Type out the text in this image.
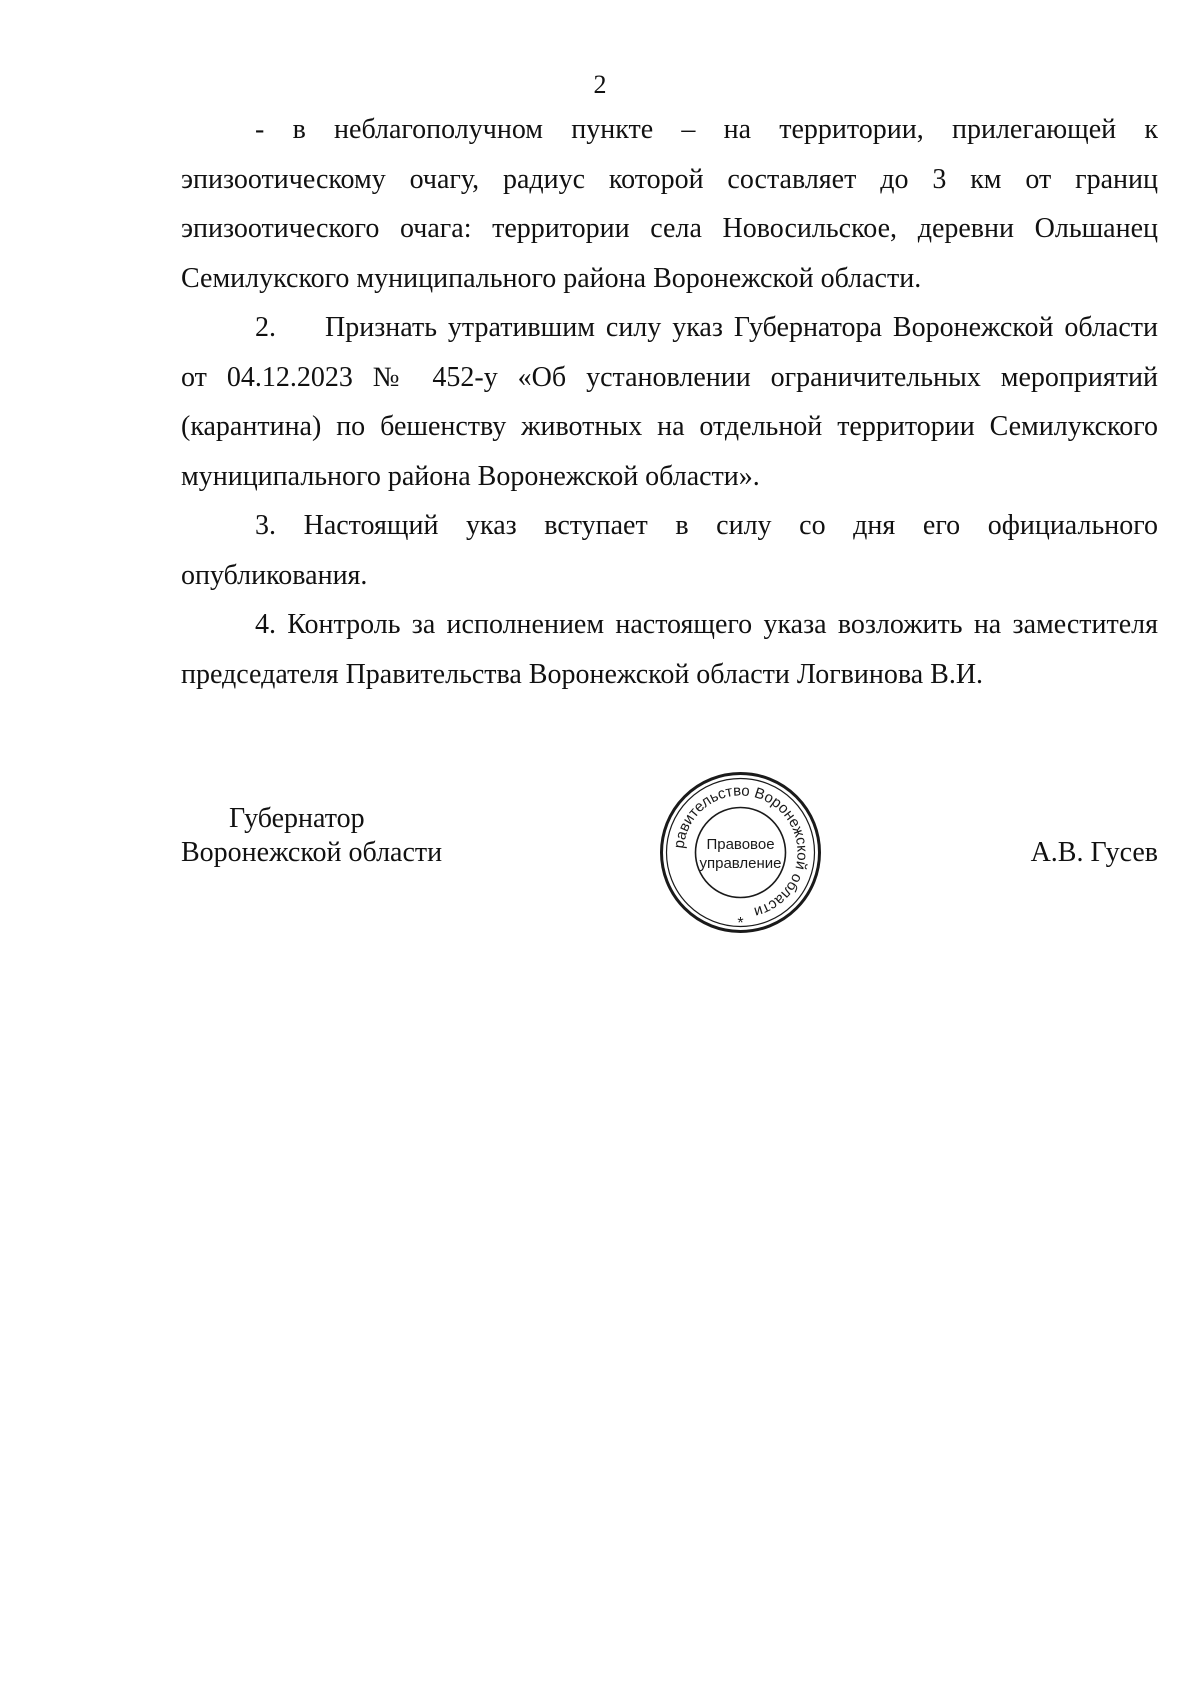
2

- в неблагополучном пункте – на территории, прилегающей к эпизоотическому очагу, радиус которой составляет до 3 км от границ эпизоотического очага: территории села Новосильское, деревни Ольшанец Семилукского муниципального района Воронежской области.

2. Признать утратившим силу указ Губернатора Воронежской области от 04.12.2023 № 452-у «Об установлении ограничительных мероприятий (карантина) по бешенству животных на отдельной территории Семилукского муниципального района Воронежской области».

3. Настоящий указ вступает в силу со дня его официального опубликования.

4. Контроль за исполнением настоящего указа возложить на заместителя председателя Правительства Воронежской области Логвинова В.И.

Губернатор
Воронежской области	А.В. Гусев
равительство Воронежской области
Правовое
управление
*
